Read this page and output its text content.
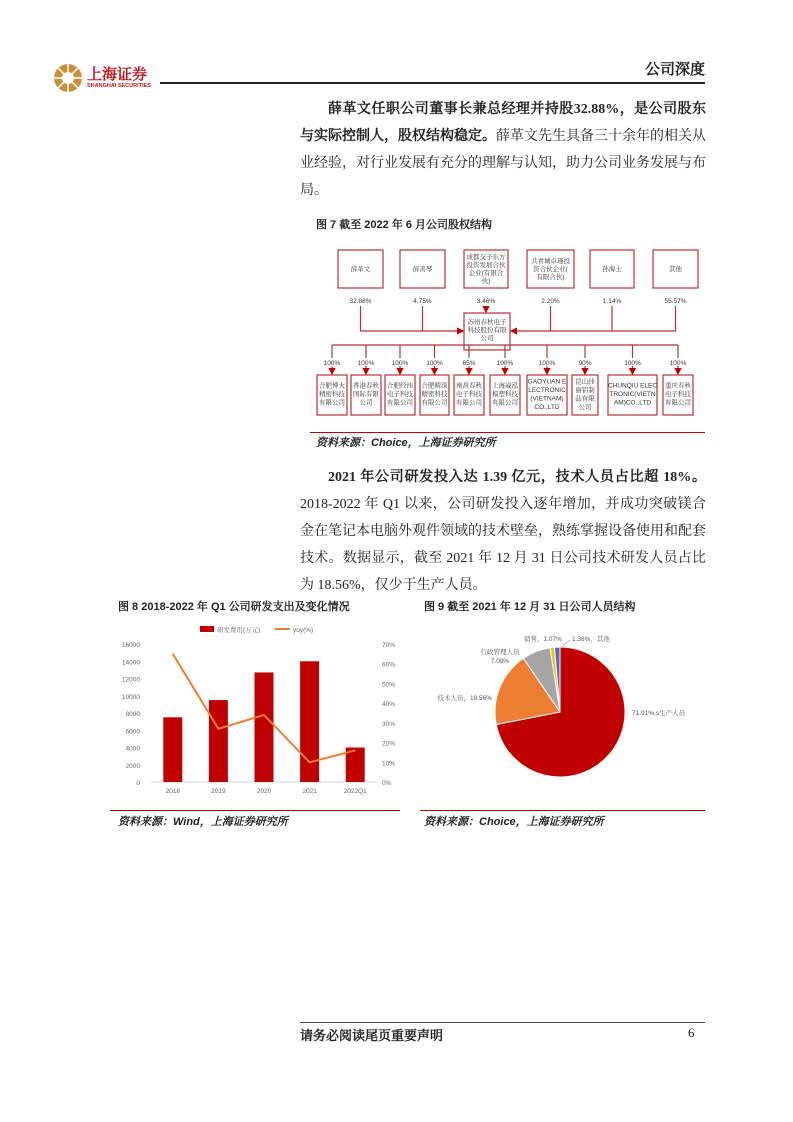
上海证券
SHANGHAI SECURITIES
公司深度
薛革文任职公司董事长兼总经理并持股32.88%，是公司股东与实际控制人，股权结构稳定。薛革文先生具备三十余年的相关从业经验，对行业发展有充分的理解与认知，助力公司业务发展与布局。
图 7 截至 2022 年 6 月公司股权结构
薛革文
32.88%
薛善琴
4.75%
成都交子东方投资发展合伙企业(有限合伙)
3.46%
共青城卓瑾投资合伙企业(有限合伙)
2.20%
孙海士
1.14%
其他
55.57%
苏州春秋电子科技股份有限公司
100%
合肥博大精密科技有限公司
100%
香港春秋国际有限公司
100%
合肥经纬电子科技有限公司
100%
合肥精深精密科技有限公司
65%
南昌春秋电子科技有限公司
100%
上海崴泓模塑科技有限公司
100%
GAOYUAN E LECTRONIC (VIETNAM) CO.,LTD
90%
昆山纬丽铝制品有限公司
100%
CHUNQIU ELEC TRONIC(VIETN AM)CO.,LTD
100%
重庆春秋电子科技有限公司
资料来源：Choice，上海证券研究所
2021 年公司研发投入达 1.39 亿元，技术人员占比超 18%。2018-2022 年 Q1 以来，公司研发投入逐年增加，并成功突破镁合金在笔记本电脑外观件领域的技术壁垒，熟练掌握设备使用和配套技术。数据显示，截至 2021 年 12 月 31 日公司技术研发人员占比为 18.56%，仅少于生产人员。
图 8 2018-2022 年 Q1 公司研发支出及变化情况
0
2000
4000
6000
8000
10000
12000
14000
16000
0%
10%
20%
30%
40%
50%
60%
70%
2018	2019	2020	2021	2022Q1
研发费用(万元)	yoy(%)
资料来源：Wind，上海证券研究所
图 9 截至 2021 年 12 月 31 日公司人员结构
71.91%,s生产人员
技术人员，18.56%
行政管理人员
7.09%
销售，1.07% 1.36%，其他
资料来源：Choice，上海证券研究所
请务必阅读尾页重要声明	6
